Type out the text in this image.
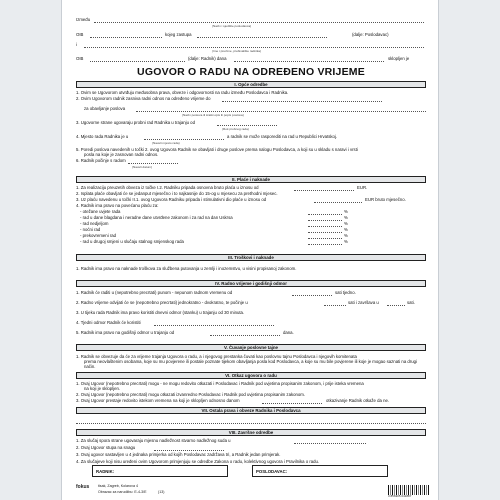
Između
(Naziv i sjedište poslodavca)
OIB	kojeg zastupa	(dalje: Poslodavac)
i
(Ime i prezime, prebivalište radnika)
OIB	(dalje: Radnik) dana	sklopljen je
UGOVOR O RADU NA ODREĐENO VRIJEME
I. Opće odredbe
1. Ovim se Ugovorom utvrđuju međusobna prava, obveze i odgovornosti na radu između Poslodavca i Radnika.
2. Ovim Ugovorom radnik zasniva radni odnos na određeno vrijeme do
za obavljanje poslova
(Naziv poslova ili kratki opis ili popis poslova)
3. Ugovorne strane ugovaraju probni rad Radnika u trajanju od
(Rok probnog rada)
4. Mjesto rada Radnika je u	a radnik se može rasporediti na rad u Republici Hrvatskoj.
(Naveli mjesto rada)
5. Poredi poslova navedenih u točki 2. ovog Ugovora Radnik se obavljati i druge poslove prema nalogu Poslodavca, a koji su u skladu s naravi i vrsti
posla na koje je zasnovan radni odnos.
6. Radnik počinje s radom
(Naveli datum)
II. Plaće i naknade
1. Za realizaciju preuzetih obveza iz točke I.2. Radniku pripada osnovna bruto plaća u iznosu od	EUR.
2. Isplata plaće obavljati će se jedanput mjesečno i to najkasnije do 15-og u mjesecu za prethodni mjesec.
3. Uz plaću navedenu u točki II.1. ovog Ugovora Radniku pripada i stimulativni dio plaće u iznosu od	EUR bruto mjesečno.
4. Radnik ima pravo na povećanu plaću za:
- otežane uvjete rada
- rad u dane blagdana i neradne dane utvrđene zakonom i za rad na dan Uskrsa
- rad nedjeljom
- noćni rad
- prekovremeni rad
- rad u drugoj smjeni u slučaju stalnog smjenskog rada
%
%
%
%
%
%
III. Troškovi i naknade
1. Radnik ima pravo na naknade troškova za službena putovanja u zemlji i inozemstvu, u visini propisanoj zakonom.
IV. Radno vrijeme i godišnji odmor
1. Radnik će raditi u (nepotrebno precrtati) punom - nepunom radnom vremenu od	sati tjedno.
2. Radno vrijeme odvijati će se (nepotrebno precrtati) jednokratno - dvokratno, te počinje u	sati i završava u	sati.
3. U tijeku rada Radnik ima pravo koristiti dnevni odmor (stanku) u trajanju od 30 minuta.
4. Tjedni odmor Radnik će koristiti
5. Radnik ima pravo na godišnji odmor u trajanju od	dana.
V. Čuvanje poslovne tajne
1. Radnik se obvezuje da će za vrijeme trajanja Ugovora o radu, a i njegovog prestanka čuvati kao poslovnu tajnu Poslodavca i njegovih komitenata
prema neovlaštenim osobama, koje su mu povjerene ili postale poznate tijekom obavljanja posla kod Poslodavca, a koje su mu bile povjerene ili koje je mogao saznati na drugi
način.
VI. Otkaz ugovora o radu
1. Ovaj Ugovor (nepotrebno precrtati) mogu - ne mogu redovito otkazati i Poslodavac i Radnik pod uvjetima propisanim zakonom, i prije isteka vremena
na koji je sklopljen.
2. Ovaj Ugovor (nepotrebno precrtati) mogu otkazati izvanredno Poslodavac i Radnik pod uvjetima propisanim zakonom.
3. Ovaj Ugovor prestaje redovito istekom vremena na koji je sklopljen odnosno danom	otkazivanje Radnik otkaže da ne.
VII. Ostala prava i obveze Radnika i Poslodavca
VIII. Završne odredbe
1. Za slučaj spora strane ugovaraju mjesnu nadležnost stvarno nadležnog suda u
2. Ovaj Ugovor stupa na snagu
3. Ovaj ugovor sastavljen u 4 jednaka primjerka od kojih Poslodavac zadržava tri, a Radnik jedan primjerak.
4. Za slučajeve koji nisu uređeni ovim Ugovorom primjenjuju se odredbe Zakona o radu, kolektivnog ugovora i Pravilnika o radu.
RADNIK:	POSLODAVAC:
fokus tisak, Zagreb, Kolarova 4
Obrazac za narudžbu: E-4-3/E	(13)
3 856305 041887
